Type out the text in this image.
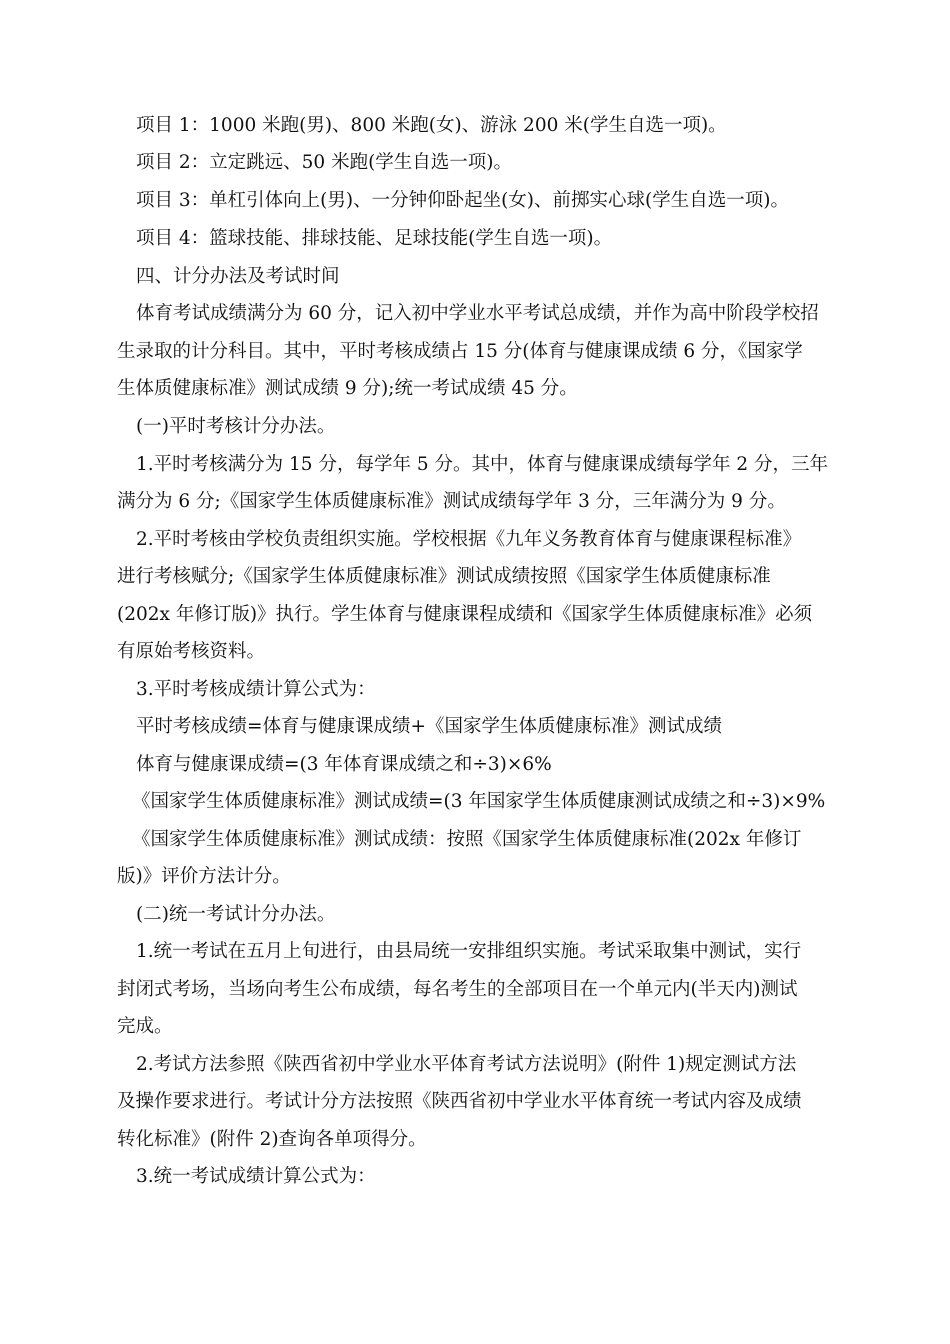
项目 1：1000 米跑(男)、800 米跑(女)、游泳 200 米(学生自选一项)。
项目 2：立定跳远、50 米跑(学生自选一项)。
项目 3：单杠引体向上(男)、一分钟仰卧起坐(女)、前掷实心球(学生自选一项)。
项目 4：篮球技能、排球技能、足球技能(学生自选一项)。
四、计分办法及考试时间
体育考试成绩满分为 60 分，记入初中学业水平考试总成绩，并作为高中阶段学校招
生录取的计分科目。其中，平时考核成绩占 15 分(体育与健康课成绩 6 分，《国家学
生体质健康标准》测试成绩 9 分);统一考试成绩 45 分。
(一)平时考核计分办法。
1.平时考核满分为 15 分，每学年 5 分。其中，体育与健康课成绩每学年 2 分，三年
满分为 6 分;《国家学生体质健康标准》测试成绩每学年 3 分，三年满分为 9 分。
2.平时考核由学校负责组织实施。学校根据《九年义务教育体育与健康课程标准》
进行考核赋分;《国家学生体质健康标准》测试成绩按照《国家学生体质健康标准
(202x 年修订版)》执行。学生体育与健康课程成绩和《国家学生体质健康标准》必须
有原始考核资料。
3.平时考核成绩计算公式为：
平时考核成绩=体育与健康课成绩+《国家学生体质健康标准》测试成绩
体育与健康课成绩=(3 年体育课成绩之和÷3)×6%
《国家学生体质健康标准》测试成绩=(3 年国家学生体质健康测试成绩之和÷3)×9%
《国家学生体质健康标准》测试成绩：按照《国家学生体质健康标准(202x 年修订
版)》评价方法计分。
(二)统一考试计分办法。
1.统一考试在五月上旬进行，由县局统一安排组织实施。考试采取集中测试，实行
封闭式考场，当场向考生公布成绩，每名考生的全部项目在一个单元内(半天内)测试
完成。
2.考试方法参照《陕西省初中学业水平体育考试方法说明》(附件 1)规定测试方法
及操作要求进行。考试计分方法按照《陕西省初中学业水平体育统一考试内容及成绩
转化标准》(附件 2)查询各单项得分。
3.统一考试成绩计算公式为：
